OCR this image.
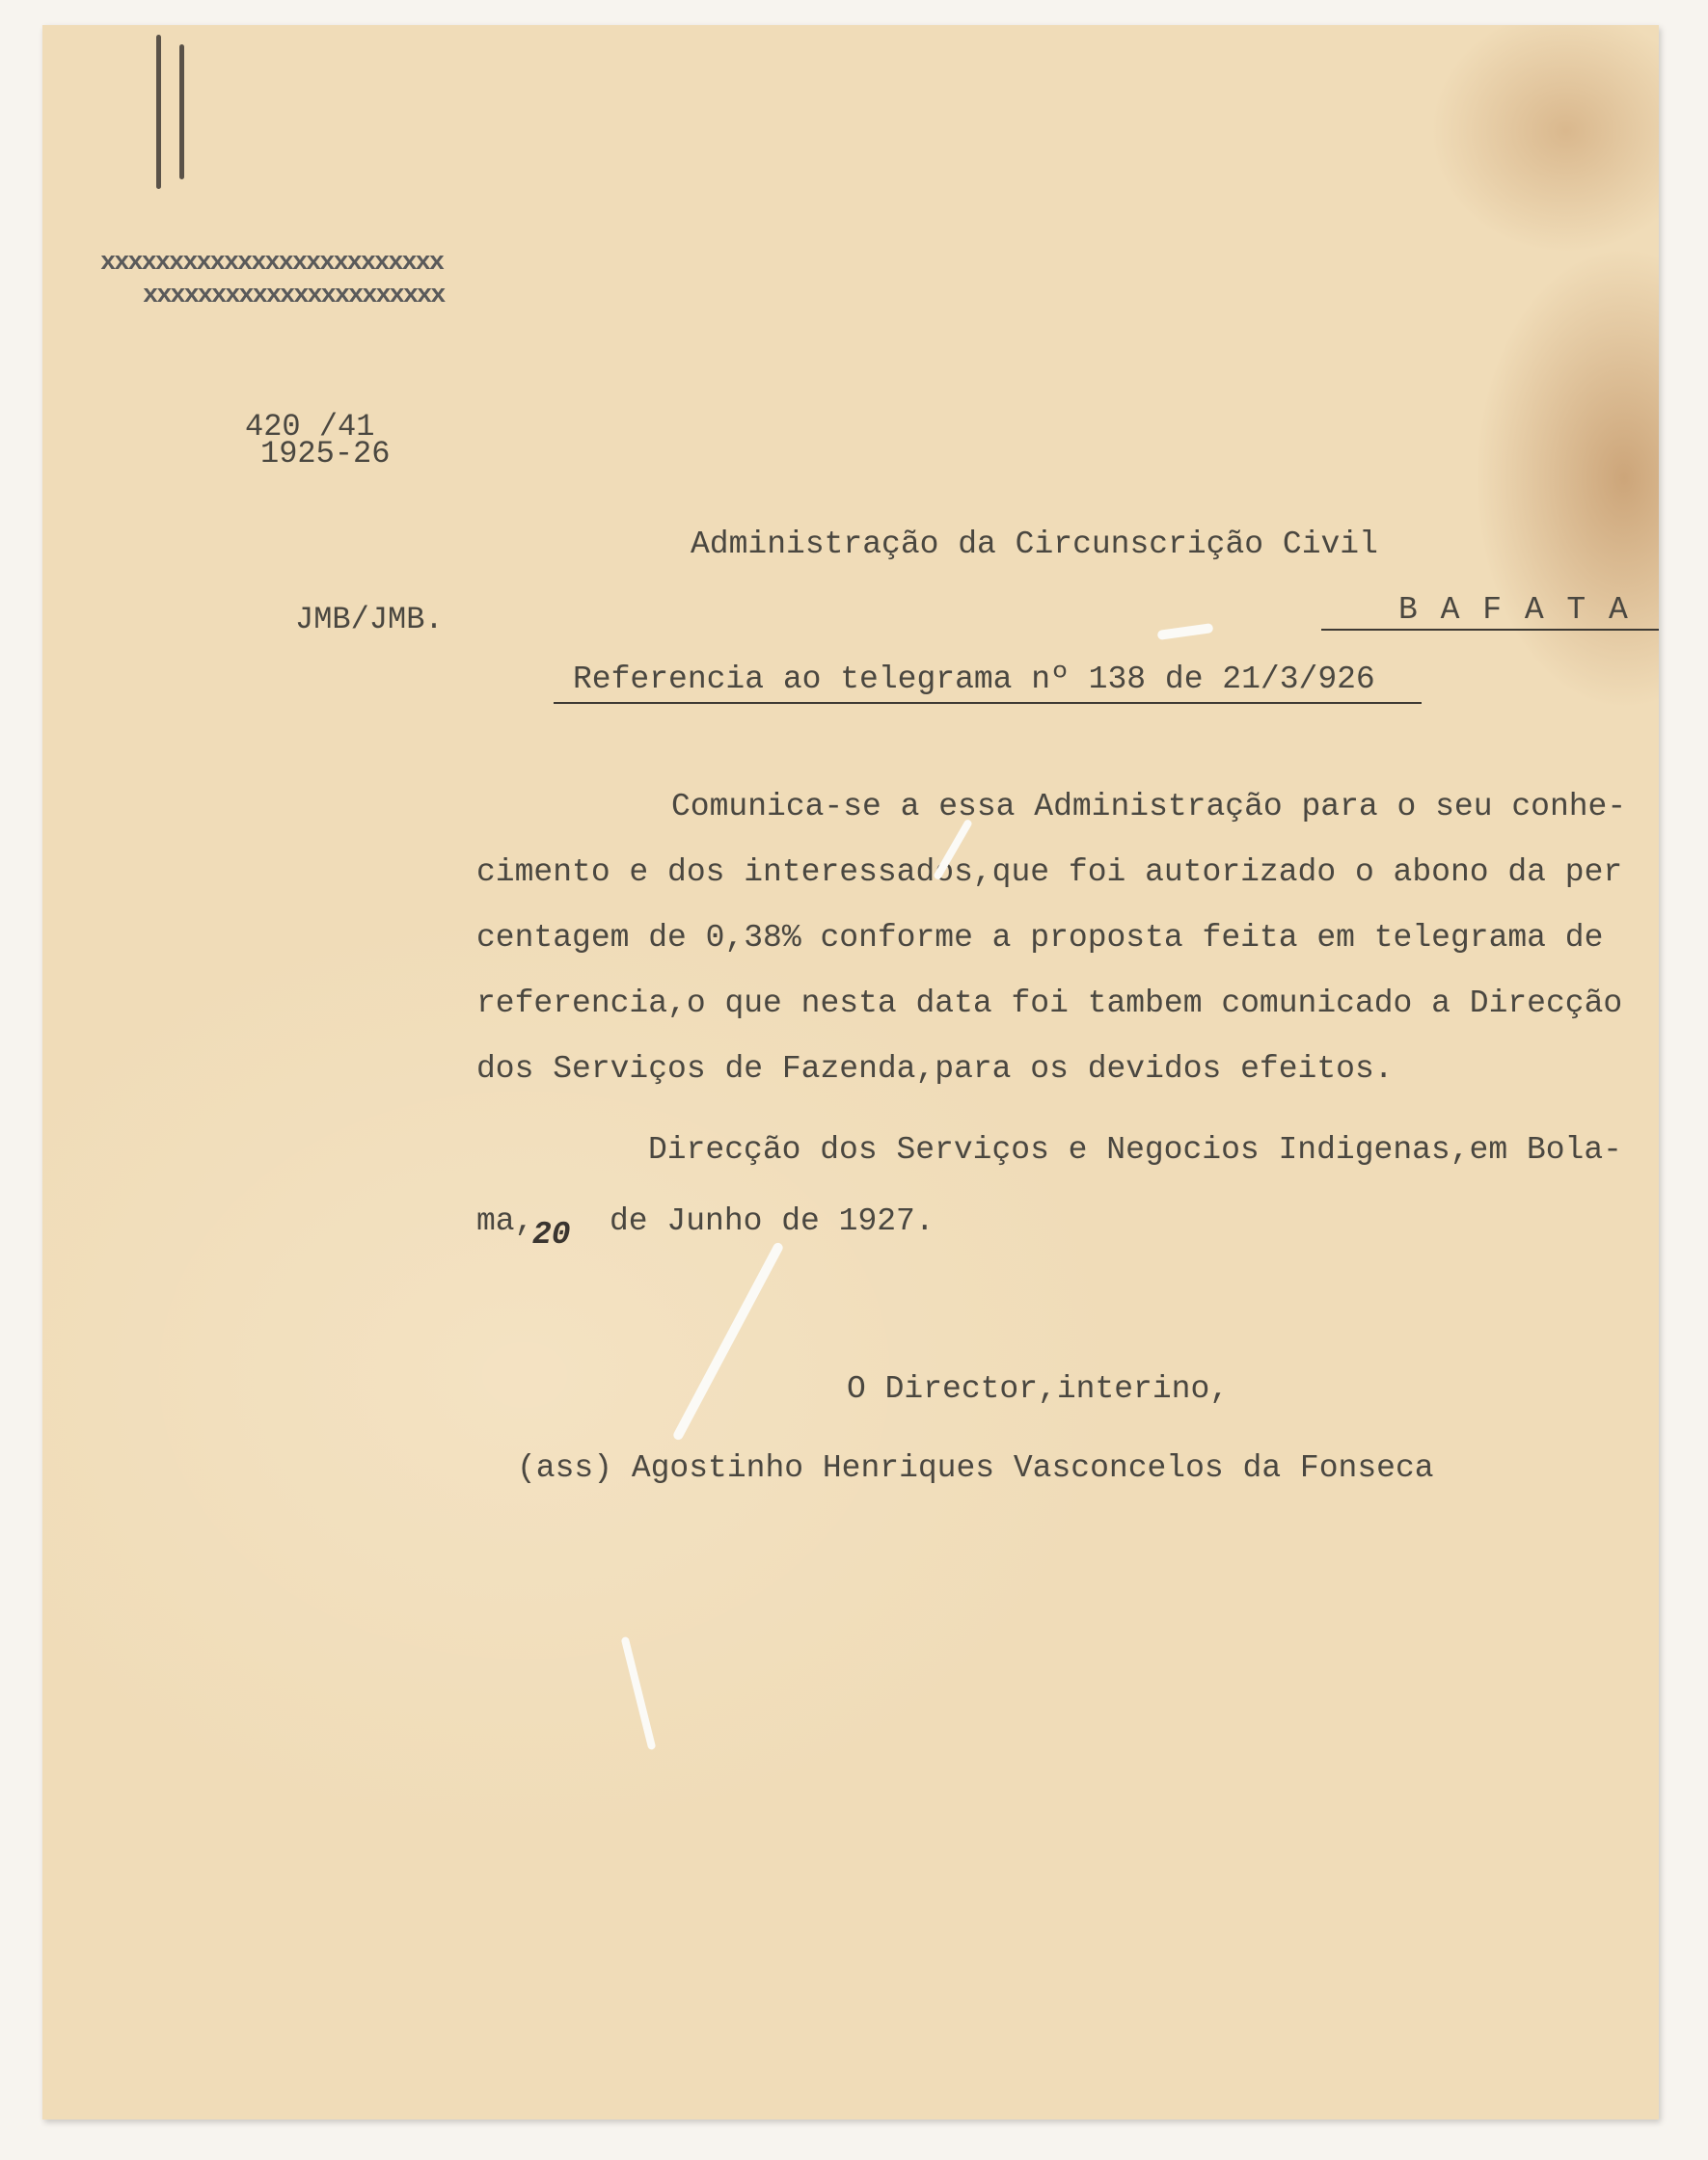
xxxxxxxxxxxxxxxxxxxxxxxxx
xxxxxxxxxxxxxxxxxxxxxx
420 /41
1925-26
Administração da Circunscrição Civil
JMB/JMB.	B A F A T A
Referencia ao telegrama nº 138 de 21/3/926
Comunica-se a essa Administração para o seu conhe-
cimento e dos interessados,que foi autorizado o abono da per
centagem de 0,38% conforme a proposta feita em telegrama de
referencia,o que nesta data foi tambem comunicado a Direcção
dos Serviços de Fazenda,para os devidos efeitos.
Direcção dos Serviços e Negocios Indigenas,em Bola-
ma,
20 de Junho de 1927.
O Director,interino,
(ass) Agostinho Henriques Vasconcelos da Fonseca
